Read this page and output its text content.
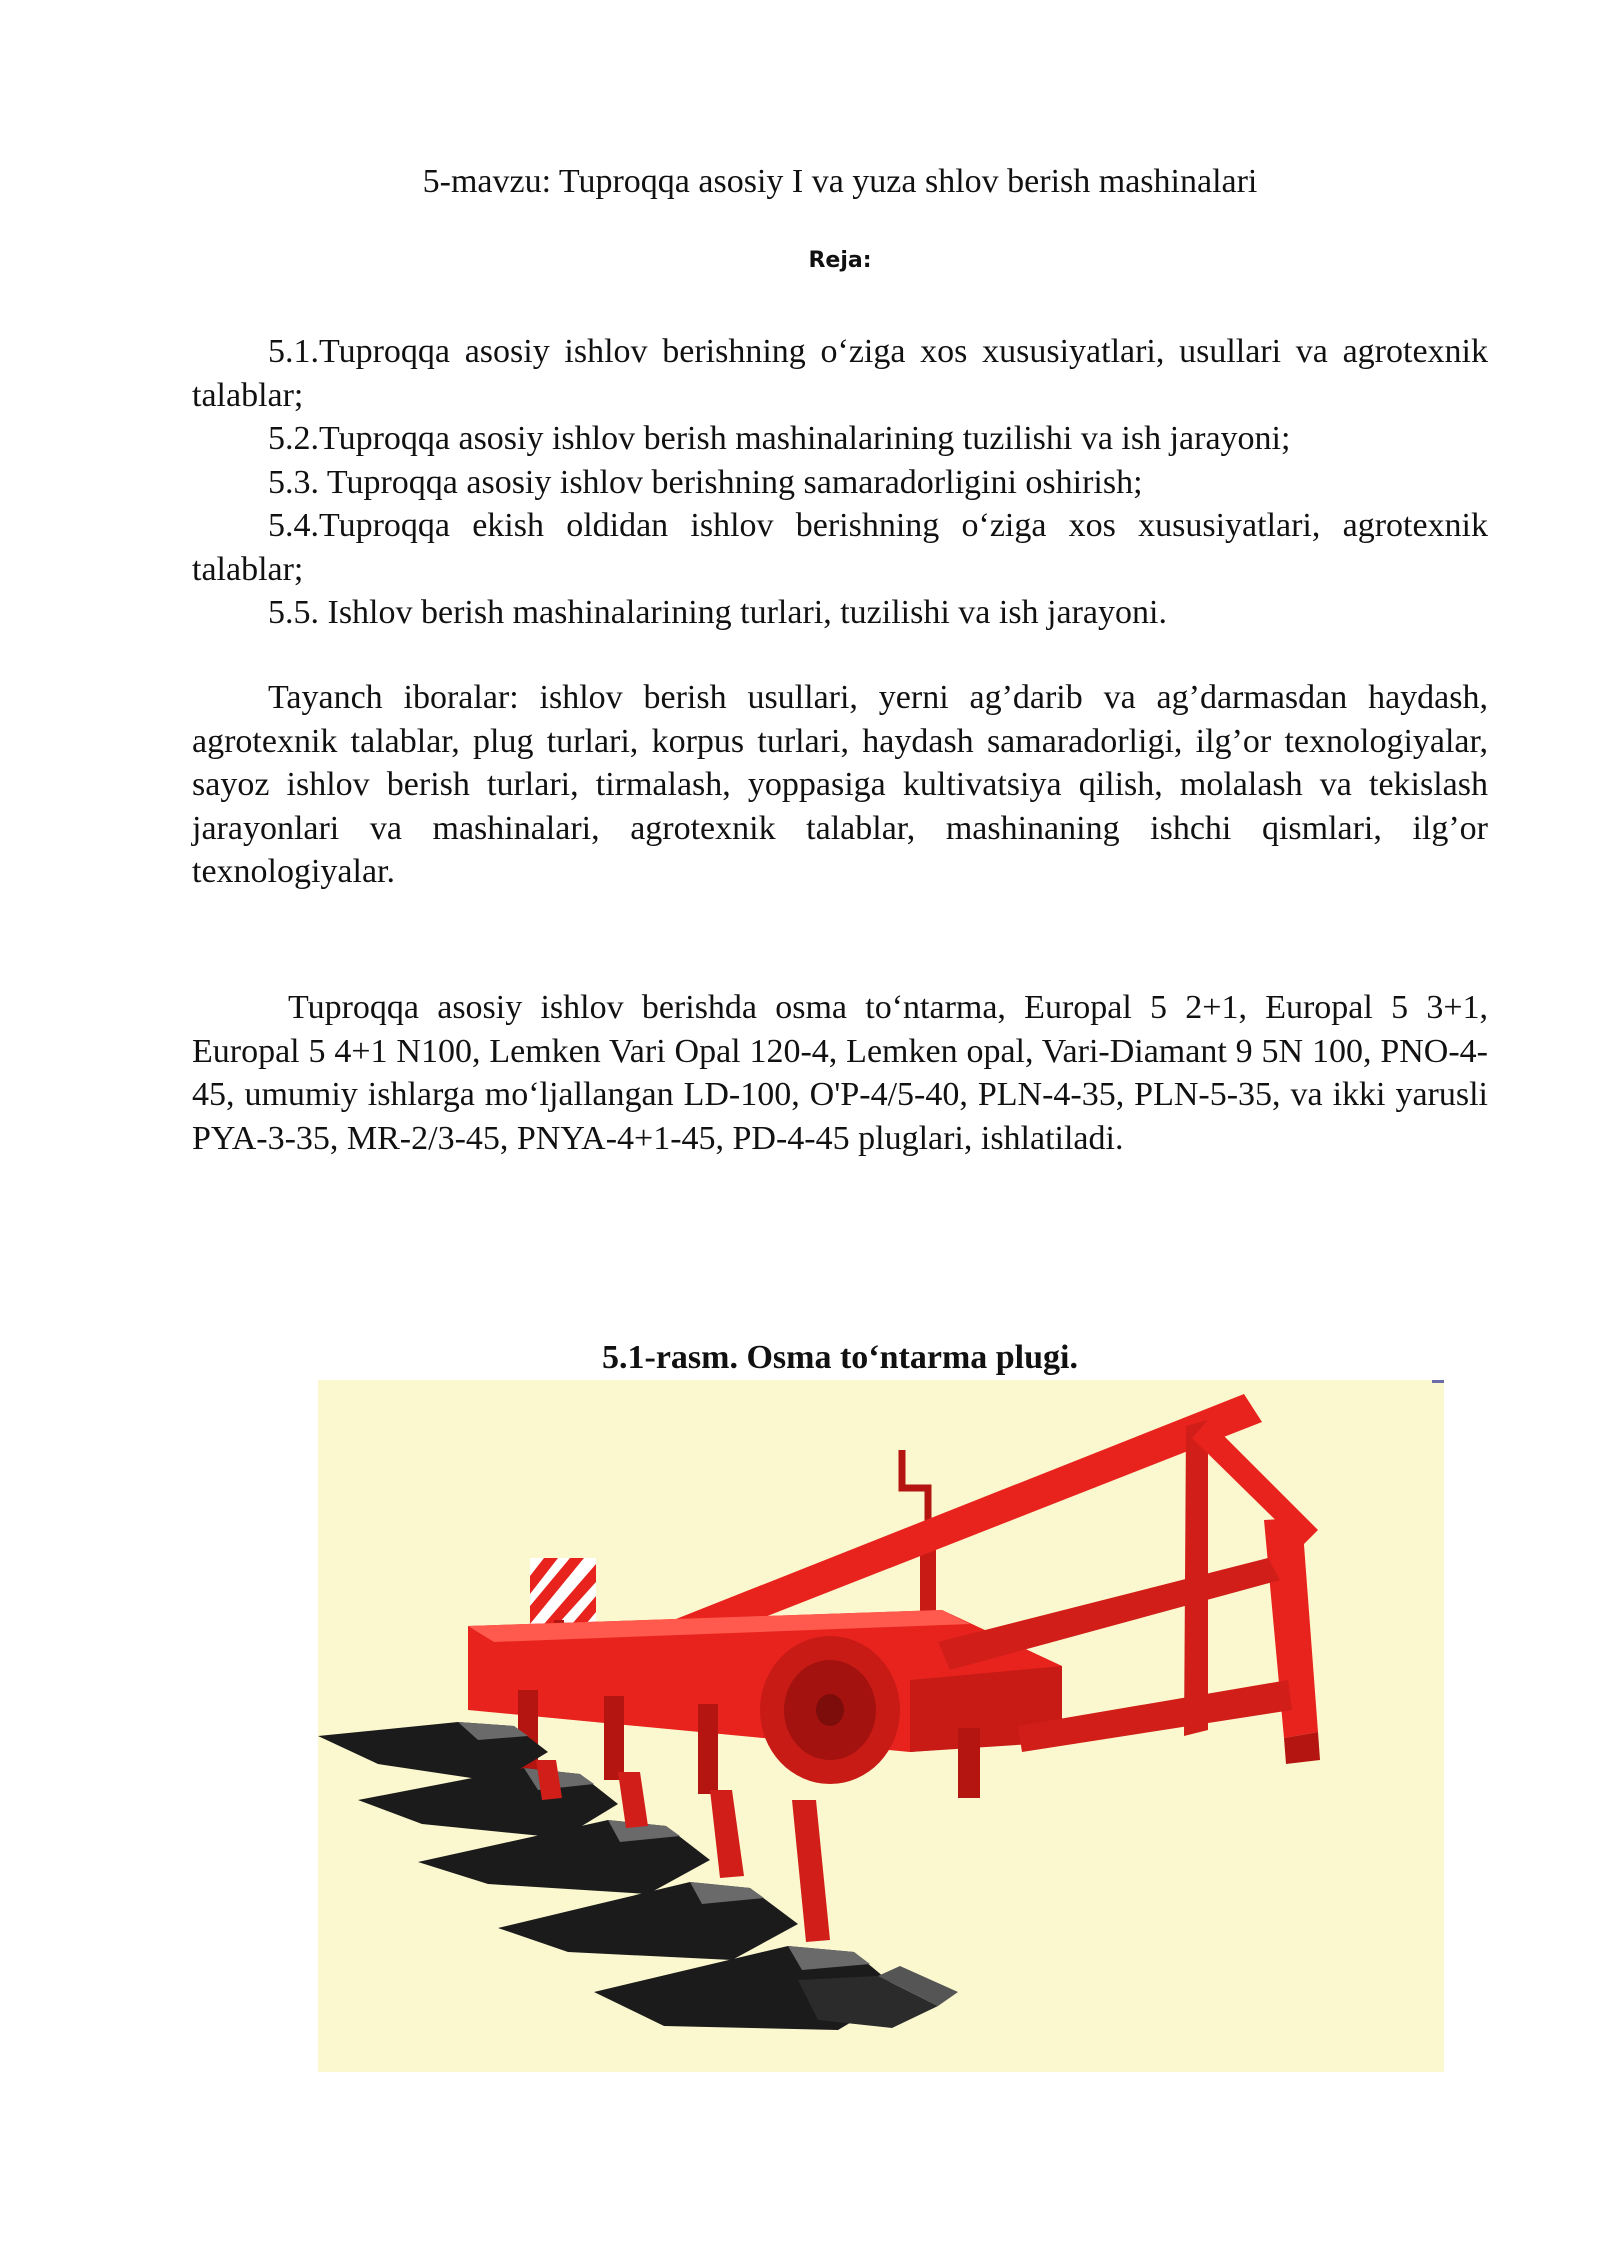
5-mavzu: Tuproqqa asosiy I va yuza shlov berish mashinalari
Reja:
5.1.Tuproqqa asosiy ishlov berishning o‘ziga xos xususiyatlari, usullari va agrotexnik talablar;
5.2.Tuproqqa asosiy ishlov berish mashinalarining tuzilishi va ish jarayoni;
5.3. Tuproqqa asosiy ishlov berishning samaradorligini oshirish;
5.4.Tuproqqa ekish oldidan ishlov berishning o‘ziga xos xususiyatlari, agrotexnik talablar;
5.5. Ishlov berish mashinalarining turlari, tuzilishi va ish jarayoni.

Tayanch iboralar: ishlov berish usullari, yerni ag’darib va ag’darmasdan haydash, agrotexnik talablar, plug turlari, korpus turlari, haydash samaradorligi, ilg’or texnologiyalar, sayoz ishlov berish turlari, tirmalash, yoppasiga kultivatsiya qilish, molalash va tekislash jarayonlari va mashinalari, agrotexnik talablar, mashinaning ishchi qismlari, ilg’or texnologiyalar.

Tuproqqa asosiy ishlov berishda osma to‘ntarma, Europal 5 2+1, Europal 5 3+1, Europal 5 4+1 N100, Lemken Vari Opal 120-4, Lemken opal, Vari-Diamant 9 5N 100, PNO-4-45, umumiy ishlarga mo‘ljallangan LD-100, O'P-4/5-40, PLN-4-35, PLN-5-35, va ikki yarusli PYA-3-35, MR-2/3-45, PNYA-4+1-45, PD-4-45 pluglari, ishlatiladi.

5.1-rasm. Osma to‘ntarma plugi.
